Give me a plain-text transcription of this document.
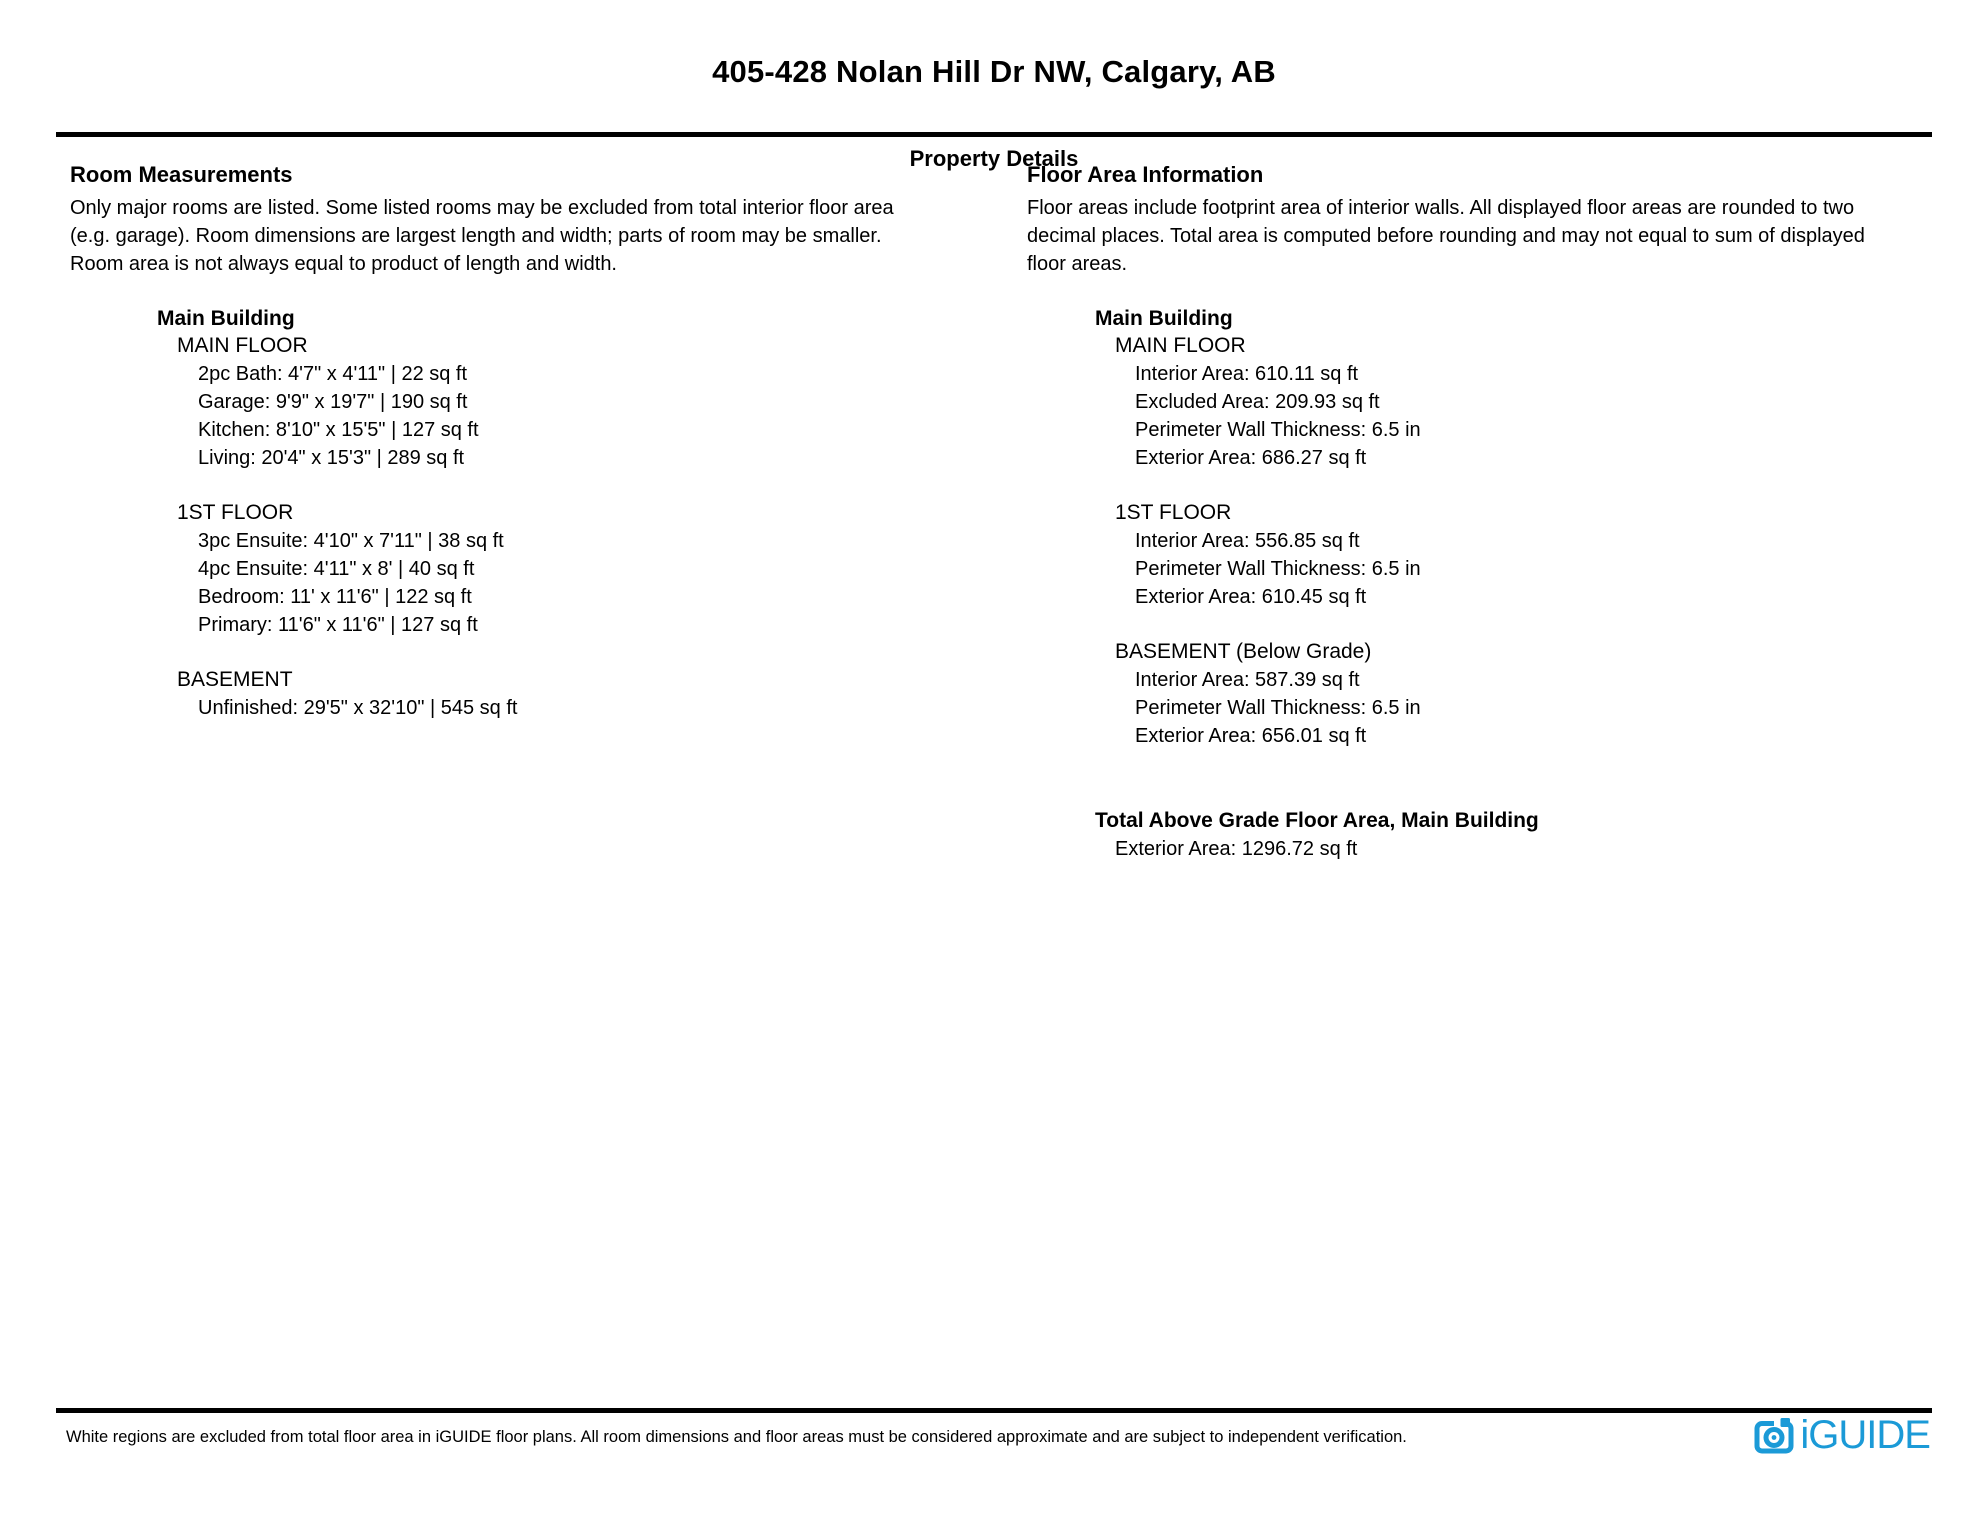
405-428 Nolan Hill Dr NW, Calgary, AB
Property Details
Room Measurements
Only major rooms are listed. Some listed rooms may be excluded from total interior floor area
(e.g. garage). Room dimensions are largest length and width; parts of room may be smaller.
Room area is not always equal to product of length and width.
Main Building
MAIN FLOOR
2pc Bath: 4'7" x 4'11" | 22 sq ft
Garage: 9'9" x 19'7" | 190 sq ft
Kitchen: 8'10" x 15'5" | 127 sq ft
Living: 20'4" x 15'3" | 289 sq ft
1ST FLOOR
3pc Ensuite: 4'10" x 7'11" | 38 sq ft
4pc Ensuite: 4'11" x 8' | 40 sq ft
Bedroom: 11' x 11'6" | 122 sq ft
Primary: 11'6" x 11'6" | 127 sq ft
BASEMENT
Unfinished: 29'5" x 32'10" | 545 sq ft
Floor Area Information
Floor areas include footprint area of interior walls. All displayed floor areas are rounded to two
decimal places. Total area is computed before rounding and may not equal to sum of displayed
floor areas.
Main Building
MAIN FLOOR
Interior Area: 610.11 sq ft
Excluded Area: 209.93 sq ft
Perimeter Wall Thickness: 6.5 in
Exterior Area: 686.27 sq ft
1ST FLOOR
Interior Area: 556.85 sq ft
Perimeter Wall Thickness: 6.5 in
Exterior Area: 610.45 sq ft
BASEMENT (Below Grade)
Interior Area: 587.39 sq ft
Perimeter Wall Thickness: 6.5 in
Exterior Area: 656.01 sq ft
Total Above Grade Floor Area, Main Building
Exterior Area: 1296.72 sq ft
White regions are excluded from total floor area in iGUIDE floor plans. All room dimensions and floor areas must be considered approximate and are subject to independent verification.	iGUIDE
